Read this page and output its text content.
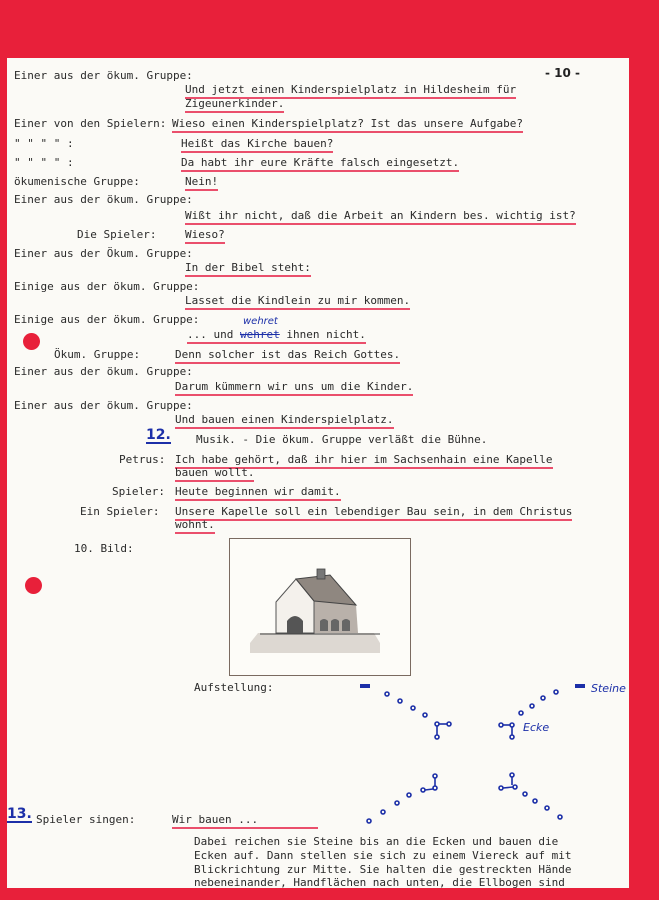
- 10 -
Einer aus der ökum. Gruppe:
Und jetzt einen Kinderspielplatz in Hildesheim für
Zigeunerkinder.
Einer von den Spielern: Wieso einen Kinderspielplatz? Ist das unsere Aufgabe?
" " " " :	Heißt das Kirche bauen?
" " " " :	Da habt ihr eure Kräfte falsch eingesetzt.
ökumenische Gruppe:	Nein!
Einer aus der ökum. Gruppe:
Wißt ihr nicht, daß die Arbeit an Kindern bes. wichtig ist?
Die Spieler:	Wieso?
Einer aus der Ökum. Gruppe:
In der Bibel steht:
Einige aus der ökum. Gruppe:
Lasset die Kindlein zu mir kommen.
Einige aus der ökum. Gruppe:	wehret
... und wehret ihnen nicht.
Ökum. Gruppe:	Denn solcher ist das Reich Gottes.
Einer aus der ökum. Gruppe:
Darum kümmern wir uns um die Kinder.
Einer aus der ökum. Gruppe:
Und bauen einen Kinderspielplatz.
12. Musik. - Die ökum. Gruppe verläßt die Bühne.
Petrus: Ich habe gehört, daß ihr hier im Sachsenhain eine Kapelle
bauen wollt.
Spieler: Heute beginnen wir damit.
Ein Spieler: Unsere Kapelle soll ein lebendiger Bau sein, in dem Christus
wohnt.
10. Bild:
Aufstellung:	Steine
Ecke
13. Spieler singen:	Wir bauen ...
Dabei reichen sie Steine bis an die Ecken und bauen die
Ecken auf. Dann stellen sie sich zu einem Viereck auf mit
Blickrichtung zur Mitte. Sie halten die gestreckten Hände
nebeneinander, Handflächen nach unten, die Ellbogen sind
